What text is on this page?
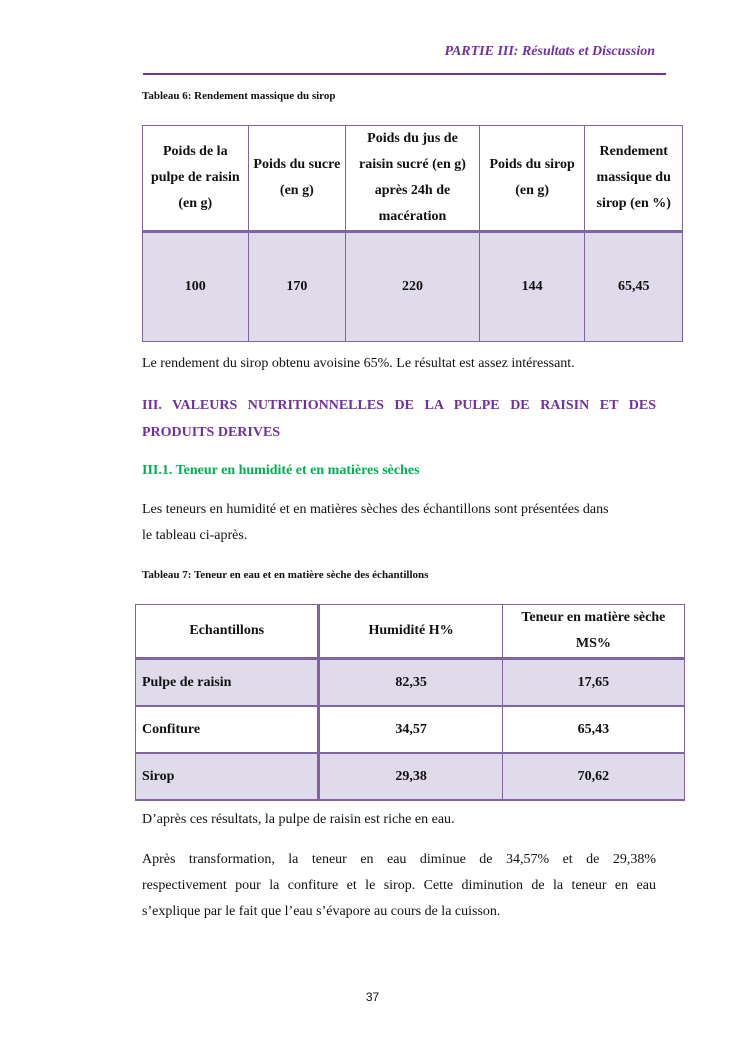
PARTIE III: Résultats et Discussion
Tableau 6: Rendement massique du sirop
Poids de la pulpe de raisin (en g)	Poids du sucre (en g)	Poids du jus de raisin sucré (en g) après 24h de macération	Poids du sirop (en g)	Rendement massique du sirop (en %)
100	170	220	144	65,45
Le rendement du sirop obtenu avoisine 65%. Le résultat est assez intéressant.
III. VALEURS NUTRITIONNELLES DE LA PULPE DE RAISIN ET DES PRODUITS DERIVES
III.1. Teneur en humidité et en matières sèches
Les teneurs en humidité et en matières sèches des échantillons sont présentées dans
le tableau ci-après.
Tableau 7: Teneur en eau et en matière sèche des échantillons
Echantillons	Humidité H%	Teneur en matière sèche MS%
Pulpe de raisin	82,35	17,65
Confiture	34,57	65,43
Sirop	29,38	70,62
D’après ces résultats, la pulpe de raisin est riche en eau.
Après transformation, la teneur en eau diminue de 34,57% et de 29,38%
respectivement pour la confiture et le sirop. Cette diminution de la teneur en eau
s’explique par le fait que l’eau s’évapore au cours de la cuisson.
37
